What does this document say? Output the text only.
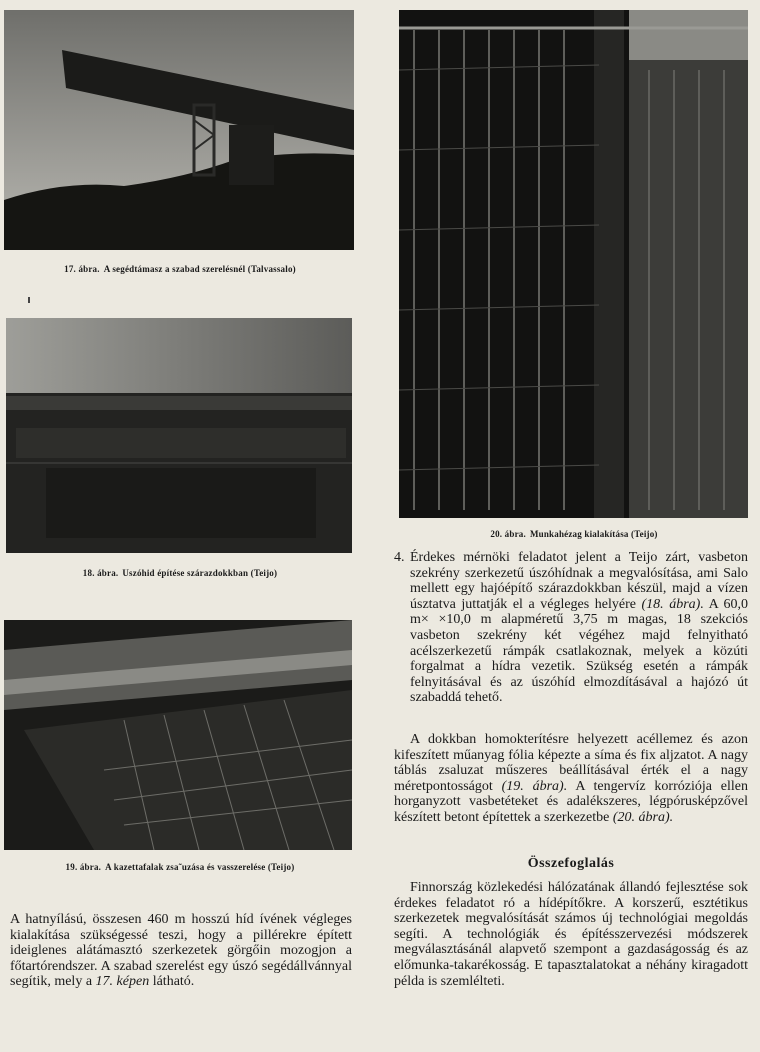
17. ábra. A segédtámasz a szabad szerelésnél (Talvassalo)
18. ábra. Uszóhid építése szárazdokkban (Teijo)
19. ábra. A kazettafalak zsa˜uzása és vasszerelése (Teijo)
20. ábra. Munkahézag kialakítása (Teijo)

A hatnyílású, összesen 460 m hosszú híd ívének végleges kialakítása szükségessé teszi, hogy a pillérekre épített ideiglenes alátámasztó szerkezetek görgőin mozogjon a főtartórendszer. A szabad szerelést egy úszó segédállvánnyal segítik, mely a 17. képen látható.

4. Érdekes mérnöki feladatot jelent a Teijo zárt, vasbeton szekrény szerkezetű úszóhídnak a megvalósítása, ami Salo mellett egy hajóépítő szárazdokkban készül, majd a vízen úsztatva juttatják el a végleges helyére (18. ábra). A 60,0 m× ×10,0 m alapméretű 3,75 m magas, 18 szekciós vasbeton szekrény két végéhez majd felnyitható acélszerkezetű rámpák csatlakoznak, melyek a közúti forgalmat a hídra vezetik. Szükség esetén a rámpák felnyitásával és az úszóhíd elmozdításával a hajózó út szabaddá tehető.

A dokkban homokterítésre helyezett acéllemez és azon kifeszített műanyag fólia képezte a síma és fix aljzatot. A nagy táblás zsaluzat műszeres beállításával érték el a nagy méretpontosságot (19. ábra). A tengervíz korróziója ellen horganyzott vasbetéteket és adalékszeres, légpórusképzővel készített betont építettek a szerkezetbe (20. ábra).

Összefoglalás

Finnország közlekedési hálózatának állandó fejlesztése sok érdekes feladatot ró a hídépítőkre. A korszerű, esztétikus szerkezetek megvalósítását számos új technológiai megoldás segíti. A technológiák és építésszervezési módszerek megválasztásánál alapvető szempont a gazdaságosság és az előmunka-takarékosság. E tapasztalatokat a néhány kiragadott példa is szemlélteti.
